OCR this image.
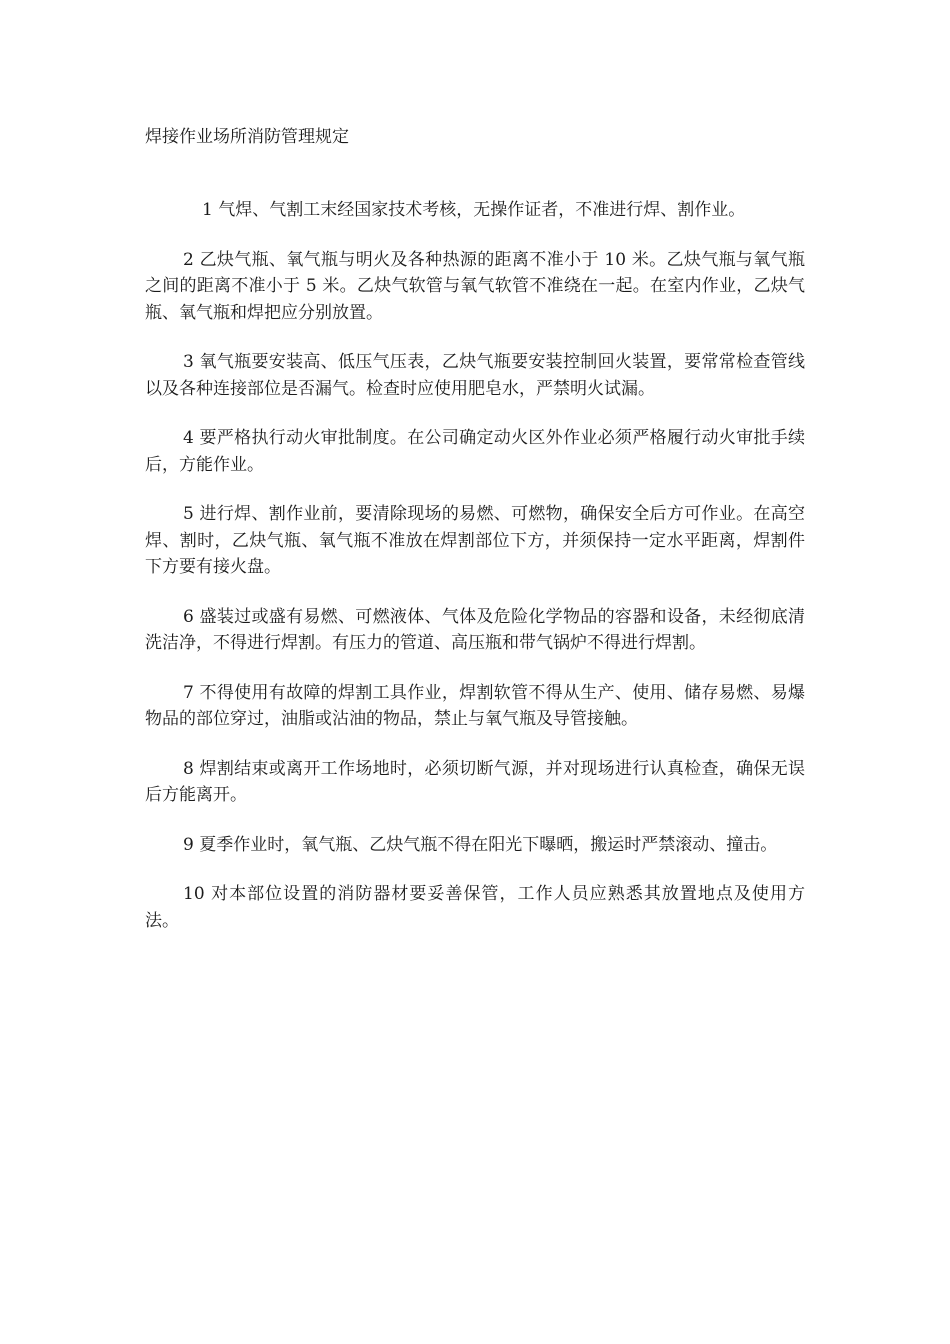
焊接作业场所消防管理规定

1 气焊、气割工末经国家技术考核，无操作证者，不准进行焊、割作业。

2 乙炔气瓶、氧气瓶与明火及各种热源的距离不准小于 10 米。乙炔气瓶与氧气瓶之间的距离不准小于 5 米。乙炔气软管与氧气软管不准绕在一起。在室内作业，乙炔气瓶、氧气瓶和焊把应分别放置。

3 氧气瓶要安装高、低压气压表，乙炔气瓶要安装控制回火装置，要常常检查管线以及各种连接部位是否漏气。检查时应使用肥皂水，严禁明火试漏。

4 要严格执行动火审批制度。在公司确定动火区外作业必须严格履行动火审批手续后，方能作业。

5 进行焊、割作业前，要清除现场的易燃、可燃物，确保安全后方可作业。在高空焊、割时，乙炔气瓶、氧气瓶不准放在焊割部位下方，并须保持一定水平距离，焊割件下方要有接火盘。

6 盛装过或盛有易燃、可燃液体、气体及危险化学物品的容器和设备，未经彻底清洗洁净，不得进行焊割。有压力的管道、高压瓶和带气锅炉不得进行焊割。

7 不得使用有故障的焊割工具作业，焊割软管不得从生产、使用、储存易燃、易爆物品的部位穿过，油脂或沾油的物品，禁止与氧气瓶及导管接触。

8 焊割结束或离开工作场地时，必须切断气源，并对现场进行认真检查，确保无误后方能离开。

9 夏季作业时，氧气瓶、乙炔气瓶不得在阳光下曝晒，搬运时严禁滚动、撞击。

10 对本部位设置的消防器材要妥善保管，工作人员应熟悉其放置地点及使用方法。
